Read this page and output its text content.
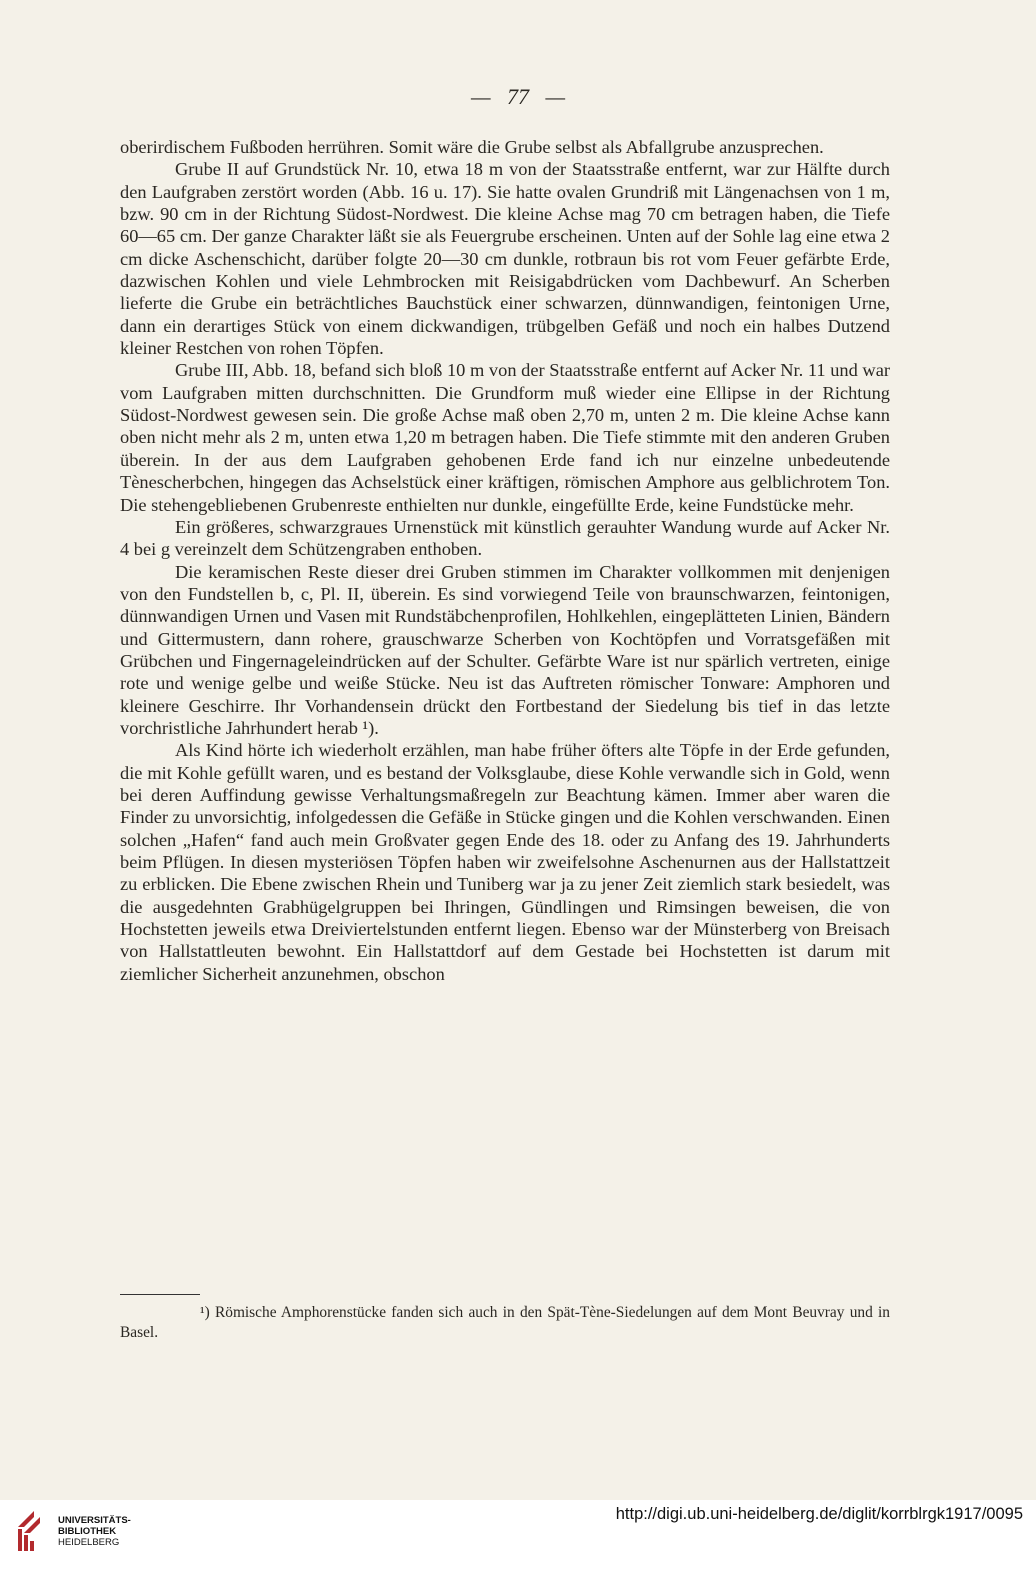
— 77 —

oberirdischem Fußboden herrühren. Somit wäre die Grube selbst als Abfallgrube anzusprechen.

Grube II auf Grundstück Nr. 10, etwa 18 m von der Staatsstraße entfernt, war zur Hälfte durch den Laufgraben zerstört worden (Abb. 16 u. 17). Sie hatte ovalen Grundriß mit Längenachsen von 1 m, bzw. 90 cm in der Richtung Südost-Nordwest. Die kleine Achse mag 70 cm betragen haben, die Tiefe 60—65 cm. Der ganze Charakter läßt sie als Feuergrube erscheinen. Unten auf der Sohle lag eine etwa 2 cm dicke Aschenschicht, darüber folgte 20—30 cm dunkle, rotbraun bis rot vom Feuer gefärbte Erde, dazwischen Kohlen und viele Lehmbrocken mit Reisigabdrücken vom Dachbewurf. An Scherben lieferte die Grube ein beträchtliches Bauchstück einer schwarzen, dünnwandigen, feintonigen Urne, dann ein derartiges Stück von einem dickwandigen, trübgelben Gefäß und noch ein halbes Dutzend kleiner Restchen von rohen Töpfen.

Grube III, Abb. 18, befand sich bloß 10 m von der Staatsstraße entfernt auf Acker Nr. 11 und war vom Laufgraben mitten durchschnitten. Die Grundform muß wieder eine Ellipse in der Richtung Südost-Nordwest gewesen sein. Die große Achse maß oben 2,70 m, unten 2 m. Die kleine Achse kann oben nicht mehr als 2 m, unten etwa 1,20 m betragen haben. Die Tiefe stimmte mit den anderen Gruben überein. In der aus dem Laufgraben gehobenen Erde fand ich nur einzelne unbedeutende Tènescherbchen, hingegen das Achselstück einer kräftigen, römischen Amphore aus gelblichrotem Ton. Die stehengebliebenen Grubenreste enthielten nur dunkle, eingefüllte Erde, keine Fundstücke mehr.

Ein größeres, schwarzgraues Urnenstück mit künstlich gerauhter Wandung wurde auf Acker Nr. 4 bei g vereinzelt dem Schützengraben enthoben.

Die keramischen Reste dieser drei Gruben stimmen im Charakter vollkommen mit denjenigen von den Fundstellen b, c, Pl. II, überein. Es sind vorwiegend Teile von braunschwarzen, feintonigen, dünnwandigen Urnen und Vasen mit Rundstäbchenprofilen, Hohlkehlen, eingeplätteten Linien, Bändern und Gittermustern, dann rohere, grauschwarze Scherben von Kochtöpfen und Vorratsgefäßen mit Grübchen und Fingernageleindrücken auf der Schulter. Gefärbte Ware ist nur spärlich vertreten, einige rote und wenige gelbe und weiße Stücke. Neu ist das Auftreten römischer Tonware: Amphoren und kleinere Geschirre. Ihr Vorhandensein drückt den Fortbestand der Siedelung bis tief in das letzte vorchristliche Jahrhundert herab ¹).

Als Kind hörte ich wiederholt erzählen, man habe früher öfters alte Töpfe in der Erde gefunden, die mit Kohle gefüllt waren, und es bestand der Volksglaube, diese Kohle verwandle sich in Gold, wenn bei deren Auffindung gewisse Verhaltungsmaßregeln zur Beachtung kämen. Immer aber waren die Finder zu unvorsichtig, infolgedessen die Gefäße in Stücke gingen und die Kohlen verschwanden. Einen solchen „Hafen“ fand auch mein Großvater gegen Ende des 18. oder zu Anfang des 19. Jahrhunderts beim Pflügen. In diesen mysteriösen Töpfen haben wir zweifelsohne Aschenurnen aus der Hallstattzeit zu erblicken. Die Ebene zwischen Rhein und Tuniberg war ja zu jener Zeit ziemlich stark besiedelt, was die ausgedehnten Grabhügelgruppen bei Ihringen, Gündlingen und Rimsingen beweisen, die von Hochstetten jeweils etwa Dreiviertelstunden entfernt liegen. Ebenso war der Münsterberg von Breisach von Hallstattleuten bewohnt. Ein Hallstattdorf auf dem Gestade bei Hochstetten ist darum mit ziemlicher Sicherheit anzunehmen, obschon

¹) Römische Amphorenstücke fanden sich auch in den Spät-Tène-Siedelungen auf dem Mont Beuvray und in Basel.

UNIVERSITÄTS-
BIBLIOTHEK
HEIDELBERG
http://digi.ub.uni-heidelberg.de/diglit/korrblrgk1917/0095
